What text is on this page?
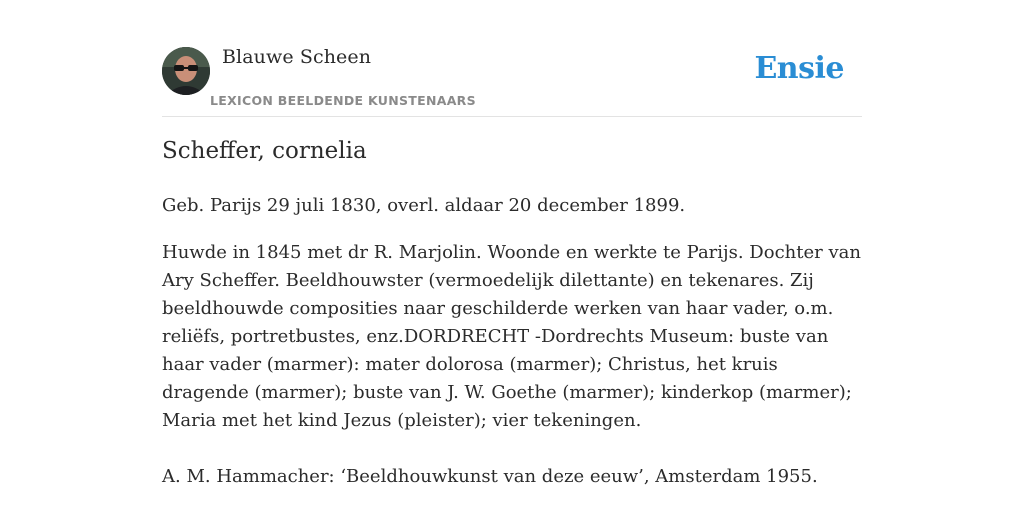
Blauwe Scheen
LEXICON BEELDENDE KUNSTENAARS
Ensie
Scheffer, cornelia

Geb. Parijs 29 juli 1830, overl. aldaar 20 december 1899.

Huwde in 1845 met dr R. Marjolin. Woonde en werkte te Parijs. Dochter van Ary Scheffer. Beeldhouwster (vermoedelijk dilettante) en tekenares. Zij beeldhouwde composities naar geschilderde werken van haar vader, o.m. reliëfs, portretbustes, enz.DORDRECHT -Dordrechts Museum: buste van haar vader (marmer): mater dolorosa (marmer); Christus, het kruis dragende (marmer); buste van J. W. Goethe (marmer); kinderkop (marmer); Maria met het kind Jezus (pleister); vier tekeningen.

A. M. Hammacher: ‘Beeldhouwkunst van deze eeuw’, Amsterdam 1955.
